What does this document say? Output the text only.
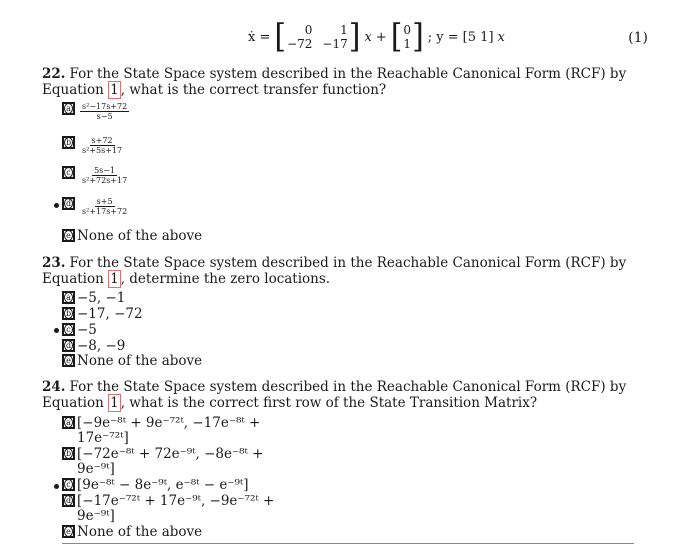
ẋ = [	0	1
−72 −17 ] x + [ 0
1 ] ; y = [5 1] x	(1)
22. For the State Space system described in the Reachable Canonical Form (RCF) by Equation 1 , what is the correct transfer function?
a $\frac{\text{s²−17s+72}}{s-5}$
b $\frac{s+72}{\text{s²+5s+17}}$
c $\frac{5s-1}{\text{s²+72s+17}}$
d $\frac{s+5}{\text{s²+17s+72}}$
e None of the above
23. For the State Space system described in the Reachable Canonical Form (RCF) by Equation 1 , determine the zero locations.
a −5, −1
b −17, −72
c −5
d −8, −9
e None of the above
24. For the State Space system described in the Reachable Canonical Form (RCF) by Equation 1 , what is the correct first row of the State Transition Matrix?
a [−9e⁻⁸ᵗ + 9e⁻⁷²ᵗ, −17e⁻⁸ᵗ +
17e⁻⁷²ᵗ]
b [−72e⁻⁸ᵗ + 72e⁻⁹ᵗ, −8e⁻⁸ᵗ +
9e⁻⁹ᵗ]
c [9e⁻⁸ᵗ − 8e⁻⁹ᵗ, e⁻⁸ᵗ − e⁻⁹ᵗ]
d [−17e⁻⁷²ᵗ + 17e⁻⁹ᵗ, −9e⁻⁷²ᵗ +
9e⁻⁹ᵗ]
e None of the above
